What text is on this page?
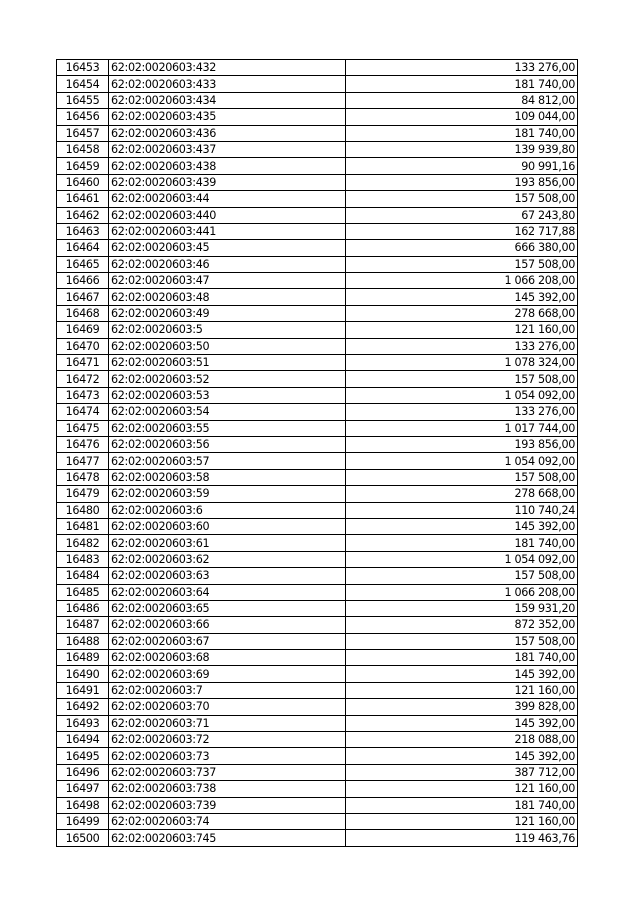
16453	62:02:0020603:432	133 276,00
16454	62:02:0020603:433	181 740,00
16455	62:02:0020603:434	84 812,00
16456	62:02:0020603:435	109 044,00
16457	62:02:0020603:436	181 740,00
16458	62:02:0020603:437	139 939,80
16459	62:02:0020603:438	90 991,16
16460	62:02:0020603:439	193 856,00
16461	62:02:0020603:44	157 508,00
16462	62:02:0020603:440	67 243,80
16463	62:02:0020603:441	162 717,88
16464	62:02:0020603:45	666 380,00
16465	62:02:0020603:46	157 508,00
16466	62:02:0020603:47	1 066 208,00
16467	62:02:0020603:48	145 392,00
16468	62:02:0020603:49	278 668,00
16469	62:02:0020603:5	121 160,00
16470	62:02:0020603:50	133 276,00
16471	62:02:0020603:51	1 078 324,00
16472	62:02:0020603:52	157 508,00
16473	62:02:0020603:53	1 054 092,00
16474	62:02:0020603:54	133 276,00
16475	62:02:0020603:55	1 017 744,00
16476	62:02:0020603:56	193 856,00
16477	62:02:0020603:57	1 054 092,00
16478	62:02:0020603:58	157 508,00
16479	62:02:0020603:59	278 668,00
16480	62:02:0020603:6	110 740,24
16481	62:02:0020603:60	145 392,00
16482	62:02:0020603:61	181 740,00
16483	62:02:0020603:62	1 054 092,00
16484	62:02:0020603:63	157 508,00
16485	62:02:0020603:64	1 066 208,00
16486	62:02:0020603:65	159 931,20
16487	62:02:0020603:66	872 352,00
16488	62:02:0020603:67	157 508,00
16489	62:02:0020603:68	181 740,00
16490	62:02:0020603:69	145 392,00
16491	62:02:0020603:7	121 160,00
16492	62:02:0020603:70	399 828,00
16493	62:02:0020603:71	145 392,00
16494	62:02:0020603:72	218 088,00
16495	62:02:0020603:73	145 392,00
16496	62:02:0020603:737	387 712,00
16497	62:02:0020603:738	121 160,00
16498	62:02:0020603:739	181 740,00
16499	62:02:0020603:74	121 160,00
16500	62:02:0020603:745	119 463,76
